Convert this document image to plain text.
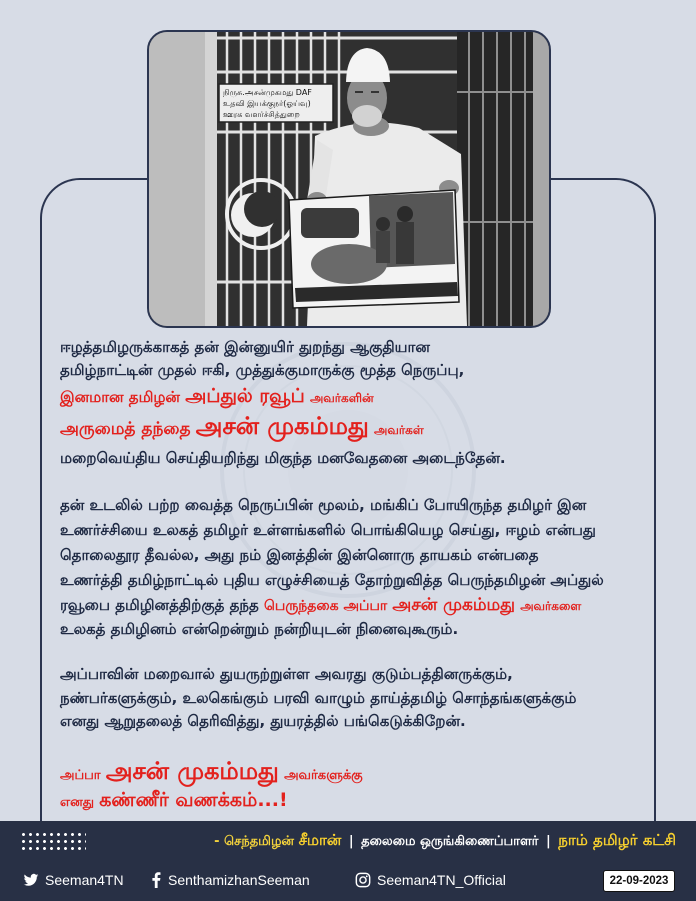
நிருசு.அசன்முகமது DAF
உதவி இயக்குநர்(ஓய்வு)
ஊரக வளர்ச்சித்துறை
ஈழத்தமிழருக்காகத் தன் இன்னுயிர் துறந்து ஆகுதியான
தமிழ்நாட்டின் முதல் ஈகி, முத்துக்குமாருக்கு மூத்த நெருப்பு,
இனமான தமிழன் அப்துல் ரவூப் அவர்களின்
அருமைத் தந்தை அசன் முகம்மது அவர்கள்
மறைவெய்திய செய்தியறிந்து மிகுந்த மனவேதனை அடைந்தேன்.
தன் உடலில் பற்ற வைத்த நெருப்பின் மூலம், மங்கிப் போயிருந்த தமிழர் இன
உணர்ச்சியை உலகத் தமிழர் உள்ளங்களில் பொங்கியெழ செய்து, ஈழம் என்பது
தொலைதூர தீவல்ல, அது நம் இனத்தின் இன்னொரு தாயகம் என்பதை
உணர்த்தி தமிழ்நாட்டில் புதிய எழுச்சியைத் தோற்றுவித்த பெருந்தமிழன் அப்துல்
ரவூபை தமிழினத்திற்குத் தந்த பெருந்தகை அப்பா அசன் முகம்மது அவர்களை
உலகத் தமிழினம் என்றென்றும் நன்றியுடன் நினைவுகூரும்.
அப்பாவின் மறைவால் துயருற்றுள்ள அவரது குடும்பத்தினருக்கும்,
நண்பர்களுக்கும், உலகெங்கும் பரவி வாழும் தாய்த்தமிழ் சொந்தங்களுக்கும்
எனது ஆறுதலைத் தெரிவித்து, துயரத்தில் பங்கெடுக்கிறேன்.
அப்பா அசன் முகம்மது அவர்களுக்கு
எனது கண்ணீர் வணக்கம்...!
- செந்தமிழன் சீமான் | தலைமை ஒருங்கிணைப்பாளர் | நாம் தமிழர் கட்சி
Seeman4TN	SenthamizhanSeeman	Seeman4TN_Official	22-09-2023
